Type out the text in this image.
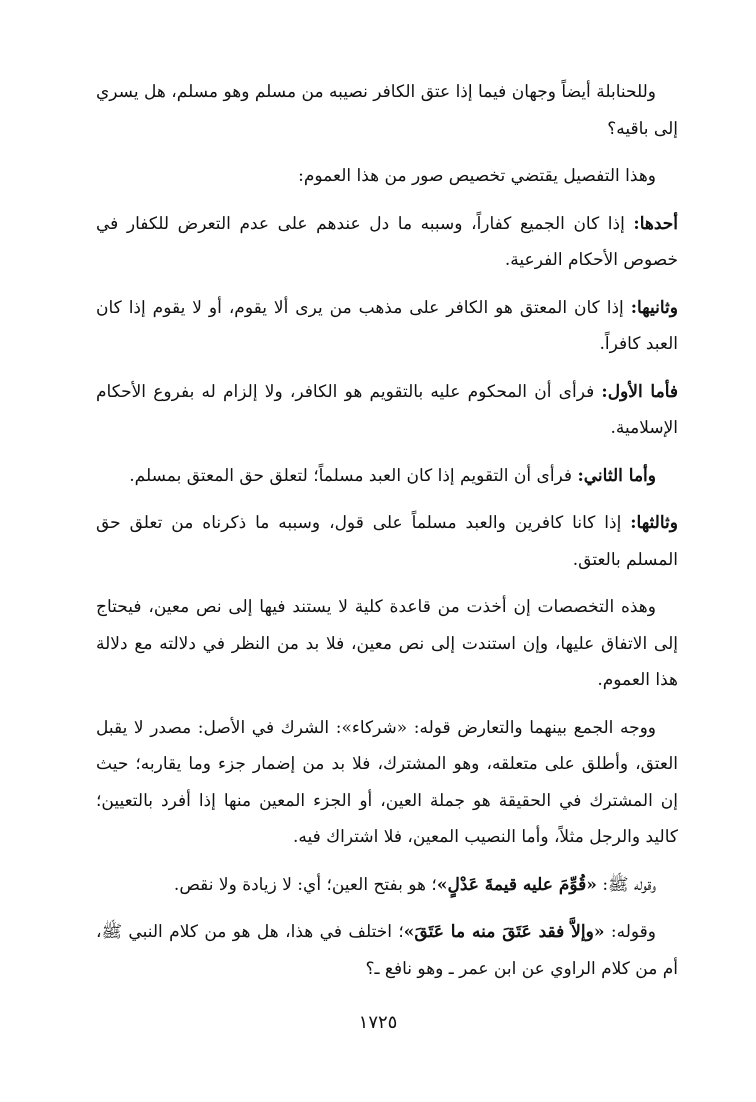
وللحنابلة أيضاً وجهان فيما إذا عتق الكافر نصيبه من مسلم وهو مسلم، هل يسري إلى باقيه؟

وهذا التفصيل يقتضي تخصيص صور من هذا العموم:

أحدها: إذا كان الجميع كفاراً، وسببه ما دل عندهم على عدم التعرض للكفار في خصوص الأحكام الفرعية.

وثانيها: إذا كان المعتق هو الكافر على مذهب من يرى ألا يقوم، أو لا يقوم إذا كان العبد كافراً.

فأما الأول: فرأى أن المحكوم عليه بالتقويم هو الكافر، ولا إلزام له بفروع الأحكام الإسلامية.

وأما الثاني: فرأى أن التقويم إذا كان العبد مسلماً؛ لتعلق حق المعتق بمسلم.

وثالثها: إذا كانا كافرين والعبد مسلماً على قول، وسببه ما ذكرناه من تعلق حق المسلم بالعتق.

وهذه التخصصات إن أخذت من قاعدة كلية لا يستند فيها إلى نص معين، فيحتاج إلى الاتفاق عليها، وإن استندت إلى نص معين، فلا بد من النظر في دلالته مع دلالة هذا العموم.

ووجه الجمع بينهما والتعارض قوله: «شركاء»: الشرك في الأصل: مصدر لا يقبل العتق، وأطلق على متعلقه، وهو المشترك، فلا بد من إضمار جزء وما يقاربه؛ حيث إن المشترك في الحقيقة هو جملة العين، أو الجزء المعين منها إذا أفرد بالتعيين؛ كاليد والرجل مثلاً، وأما النصيب المعين، فلا اشتراك فيه.

وقوله ﷺ: «قُوِّمَ عليه قيمةَ عَدْلٍ»؛ هو بفتح العين؛ أي: لا زيادة ولا نقص.

وقوله: «وإلاَّ فقد عَتَقَ منه ما عَتَقَ»؛ اختلف في هذا، هل هو من كلام النبي ﷺ، أم من كلام الراوي عن ابن عمر ـ وهو نافع ـ؟

١٧٢٥
